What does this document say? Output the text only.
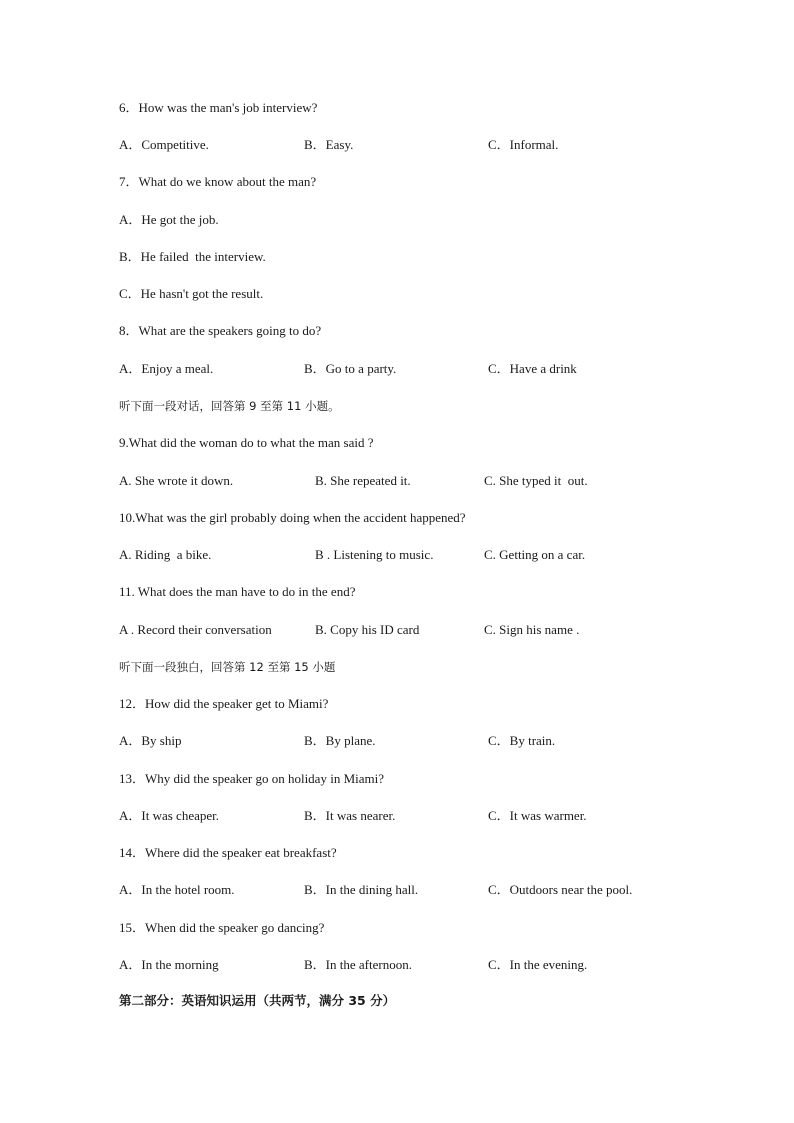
6．How was the man's job interview?
A．Competitive.	B．Easy.	C．Informal.
7．What do we know about the man?
A．He got the job.
B．He failed  the interview.
C．He hasn't got the result.
8．What are the speakers going to do?
A．Enjoy a meal.	B．Go to a party.	C．Have a drink
听下面一段对话，回答第 9 至第 11 小题。
9.What did the woman do to what the man said ?
A. She wrote it down.	B. She repeated it.	C. She typed it  out.
10.What was the girl probably doing when the accident happened?
A. Riding  a bike.	B . Listening to music.	C. Getting on a car.
11. What does the man have to do in the end?
A . Record their conversation	B. Copy his ID card	C. Sign his name .
听下面一段独白，回答第 12 至第 15 小题
12．How did the speaker get to Miami?
A．By ship	B．By plane.	C．By train.
13．Why did the speaker go on holiday in Miami?
A．It was cheaper.	B．It was nearer.	C．It was warmer.
14．Where did the speaker eat breakfast?
A．In the hotel room.	B．In the dining hall.	C．Outdoors near the pool.
15．When did the speaker go dancing?
A．In the morning	B．In the afternoon.	C．In the evening.
第二部分：英语知识运用（共两节，满分 35 分）
